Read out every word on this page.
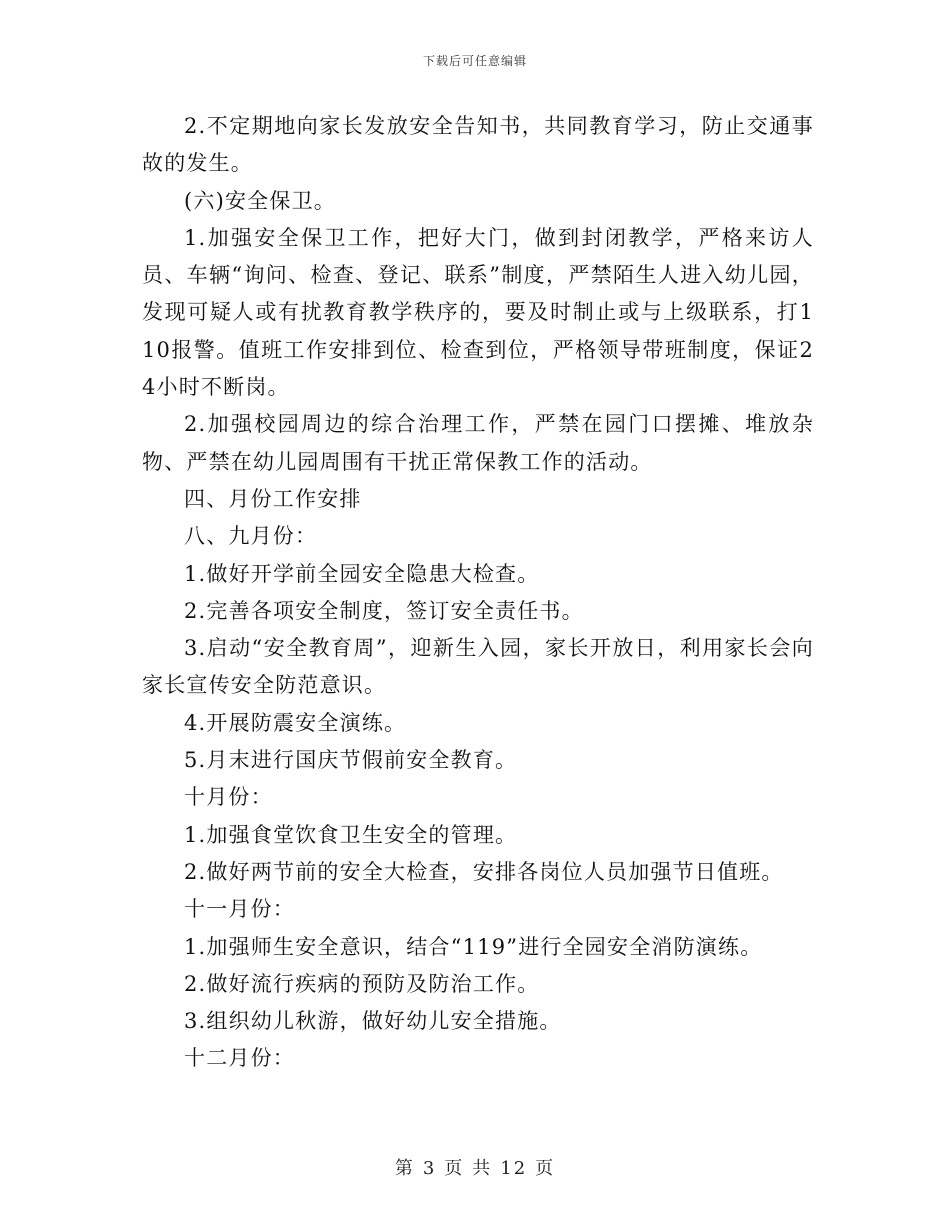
下载后可任意编辑

2.不定期地向家长发放安全告知书，共同教育学习，防止交通事故的发生。

(六)安全保卫。

1.加强安全保卫工作，把好大门，做到封闭教学，严格来访人员、车辆“询问、检查、登记、联系”制度，严禁陌生人进入幼儿园，发现可疑人或有扰教育教学秩序的，要及时制止或与上级联系，打110报警。值班工作安排到位、检查到位，严格领导带班制度，保证24小时不断岗。

2.加强校园周边的综合治理工作，严禁在园门口摆摊、堆放杂物、严禁在幼儿园周围有干扰正常保教工作的活动。

四、月份工作安排

八、九月份：

1.做好开学前全园安全隐患大检查。

2.完善各项安全制度，签订安全责任书。

3.启动“安全教育周”，迎新生入园，家长开放日，利用家长会向家长宣传安全防范意识。

4.开展防震安全演练。

5.月末进行国庆节假前安全教育。

十月份：

1.加强食堂饮食卫生安全的管理。

2.做好两节前的安全大检查，安排各岗位人员加强节日值班。

十一月份：

1.加强师生安全意识，结合“119”进行全园安全消防演练。

2.做好流行疾病的预防及防治工作。

3.组织幼儿秋游，做好幼儿安全措施。

十二月份：

第 3 页 共 12 页
